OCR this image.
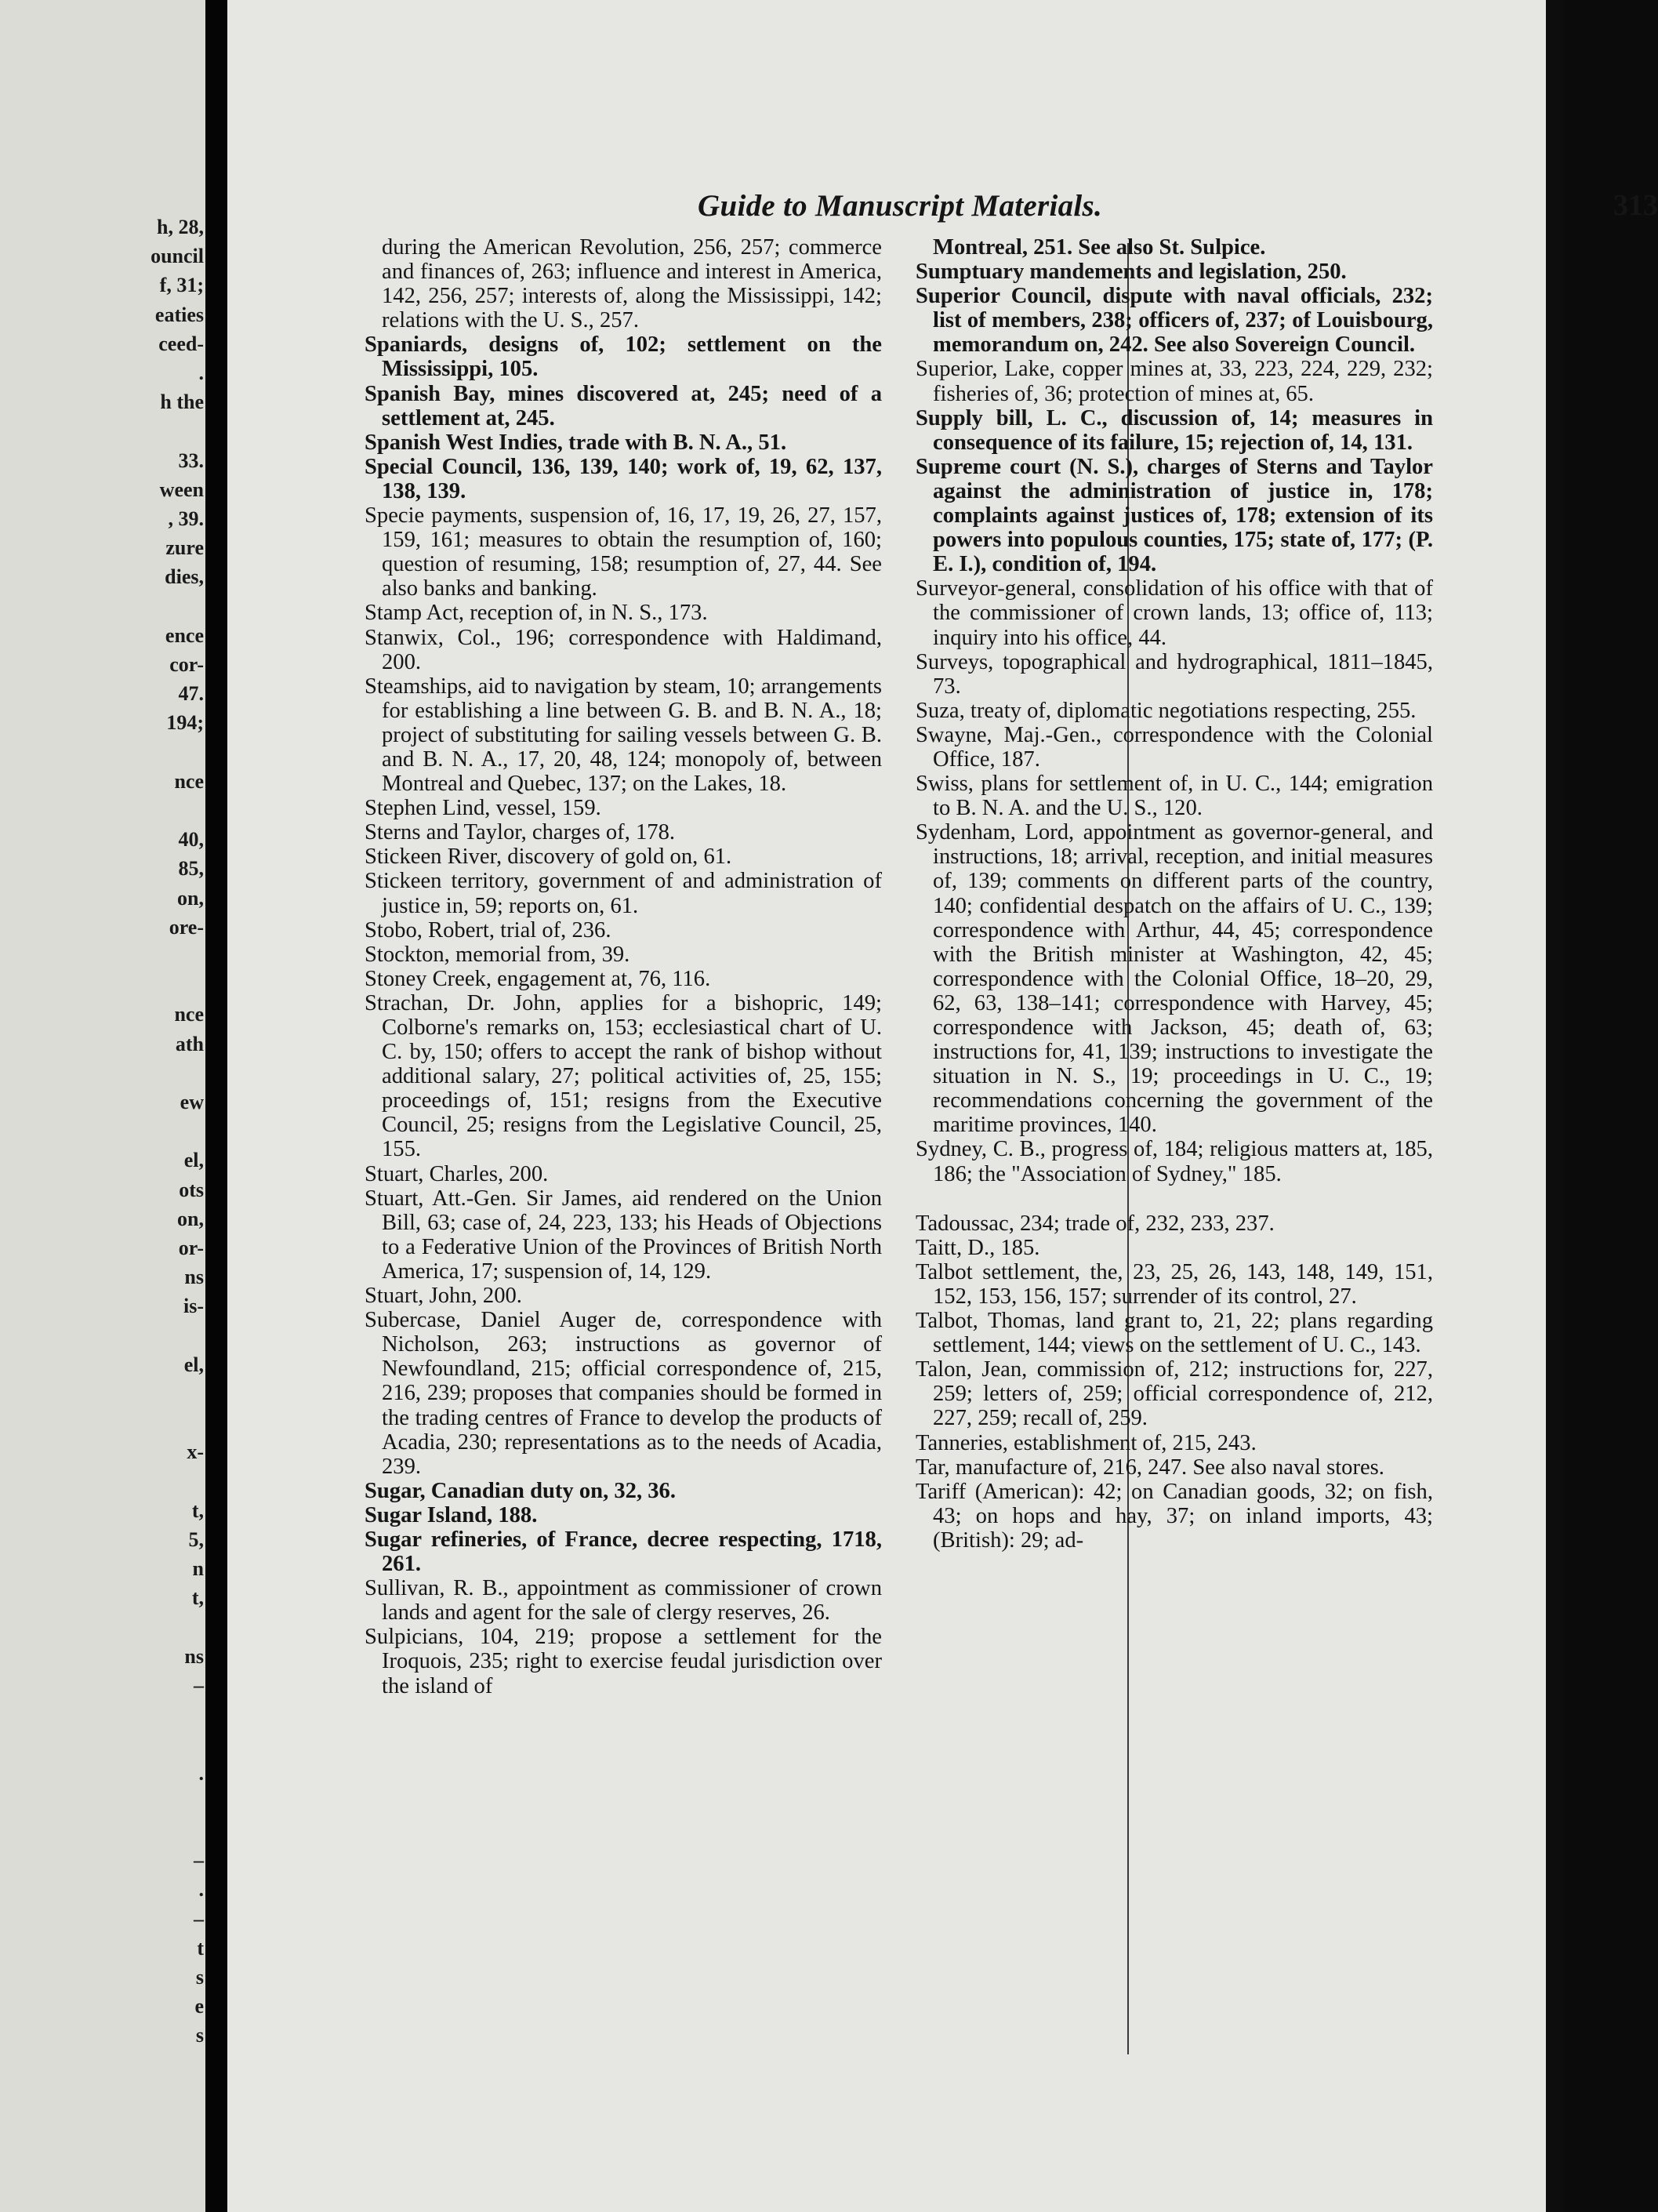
h, 28,
ouncil
f, 31;
eaties
ceed-
.
h the
33.
ween
, 39.
zure
dies,
ence
cor-
47.
194;
nce
40,
85,
on,
ore-
nce
ath
ew
el,
ots
on,
or-
ns
is-
el,
x-
t,
5,
n
t,
ns
–
.
–
.
–
t
s
e
s
Guide to Manuscript Materials.	313

during the American Revolution, 256, 257; commerce and finances of, 263; influence and interest in America, 142, 256, 257; interests of, along the Mississippi, 142; relations with the U. S., 257.

Spaniards, designs of, 102; settlement on the Mississippi, 105.

Spanish Bay, mines discovered at, 245; need of a settlement at, 245.

Spanish West Indies, trade with B. N. A., 51.

Special Council, 136, 139, 140; work of, 19, 62, 137, 138, 139.

Specie payments, suspension of, 16, 17, 19, 26, 27, 157, 159, 161; measures to obtain the resumption of, 160; question of resuming, 158; resumption of, 27, 44. See also banks and banking.

Stamp Act, reception of, in N. S., 173.

Stanwix, Col., 196; correspondence with Haldimand, 200.

Steamships, aid to navigation by steam, 10; arrangements for establishing a line between G. B. and B. N. A., 18; project of substituting for sailing vessels between G. B. and B. N. A., 17, 20, 48, 124; monopoly of, between Montreal and Quebec, 137; on the Lakes, 18.

Stephen Lind, vessel, 159.

Sterns and Taylor, charges of, 178.

Stickeen River, discovery of gold on, 61.

Stickeen territory, government of and administration of justice in, 59; reports on, 61.

Stobo, Robert, trial of, 236.

Stockton, memorial from, 39.

Stoney Creek, engagement at, 76, 116.

Strachan, Dr. John, applies for a bishopric, 149; Colborne's remarks on, 153; ecclesiastical chart of U. C. by, 150; offers to accept the rank of bishop without additional salary, 27; political activities of, 25, 155; proceedings of, 151; resigns from the Executive Council, 25; resigns from the Legislative Council, 25, 155.

Stuart, Charles, 200.

Stuart, Att.-Gen. Sir James, aid rendered on the Union Bill, 63; case of, 24, 223, 133; his Heads of Objections to a Federative Union of the Provinces of British North America, 17; suspension of, 14, 129.

Stuart, John, 200.

Subercase, Daniel Auger de, correspondence with Nicholson, 263; instructions as governor of Newfoundland, 215; official correspondence of, 215, 216, 239; proposes that companies should be formed in the trading centres of France to develop the products of Acadia, 230; representations as to the needs of Acadia, 239.

Sugar, Canadian duty on, 32, 36.

Sugar Island, 188.

Sugar refineries, of France, decree respecting, 1718, 261.

Sullivan, R. B., appointment as commissioner of crown lands and agent for the sale of clergy reserves, 26.

Sulpicians, 104, 219; propose a settlement for the Iroquois, 235; right to exercise feudal jurisdiction over the island of

Montreal, 251. See also St. Sulpice.

Sumptuary mandements and legislation, 250.

Superior Council, dispute with naval officials, 232; list of members, 238; officers of, 237; of Louisbourg, memorandum on, 242. See also Sovereign Council.

Superior, Lake, copper mines at, 33, 223, 224, 229, 232; fisheries of, 36; protection of mines at, 65.

Supply bill, L. C., discussion of, 14; measures in consequence of its failure, 15; rejection of, 14, 131.

Supreme court (N. S.), charges of Sterns and Taylor against the administration of justice in, 178; complaints against justices of, 178; extension of its powers into populous counties, 175; state of, 177; (P. E. I.), condition of, 194.

Surveyor-general, consolidation of his office with that of the commissioner of crown lands, 13; office of, 113; inquiry into his office, 44.

Surveys, topographical and hydrographical, 1811–1845, 73.

Suza, treaty of, diplomatic negotiations respecting, 255.

Swayne, Maj.-Gen., correspondence with the Colonial Office, 187.

Swiss, plans for settlement of, in U. C., 144; emigration to B. N. A. and the U. S., 120.

Sydenham, Lord, appointment as governor-general, and instructions, 18; arrival, reception, and initial measures of, 139; comments on different parts of the country, 140; confidential despatch on the affairs of U. C., 139; correspondence with Arthur, 44, 45; correspondence with the British minister at Washington, 42, 45; correspondence with the Colonial Office, 18–20, 29, 62, 63, 138–141; correspondence with Harvey, 45; correspondence with Jackson, 45; death of, 63; instructions for, 41, 139; instructions to investigate the situation in N. S., 19; proceedings in U. C., 19; recommendations concerning the government of the maritime provinces, 140.

Sydney, C. B., progress of, 184; religious matters at, 185, 186; the "Association of Sydney," 185.

Tadoussac, 234; trade of, 232, 233, 237.

Taitt, D., 185.

Talbot settlement, the, 23, 25, 26, 143, 148, 149, 151, 152, 153, 156, 157; surrender of its control, 27.

Talbot, Thomas, land grant to, 21, 22; plans regarding settlement, 144; views on the settlement of U. C., 143.

Talon, Jean, commission of, 212; instructions for, 227, 259; letters of, 259; official correspondence of, 212, 227, 259; recall of, 259.

Tanneries, establishment of, 215, 243.

Tar, manufacture of, 216, 247. See also naval stores.

Tariff (American): 42; on Canadian goods, 32; on fish, 43; on hops and hay, 37; on inland imports, 43; (British): 29; ad-
